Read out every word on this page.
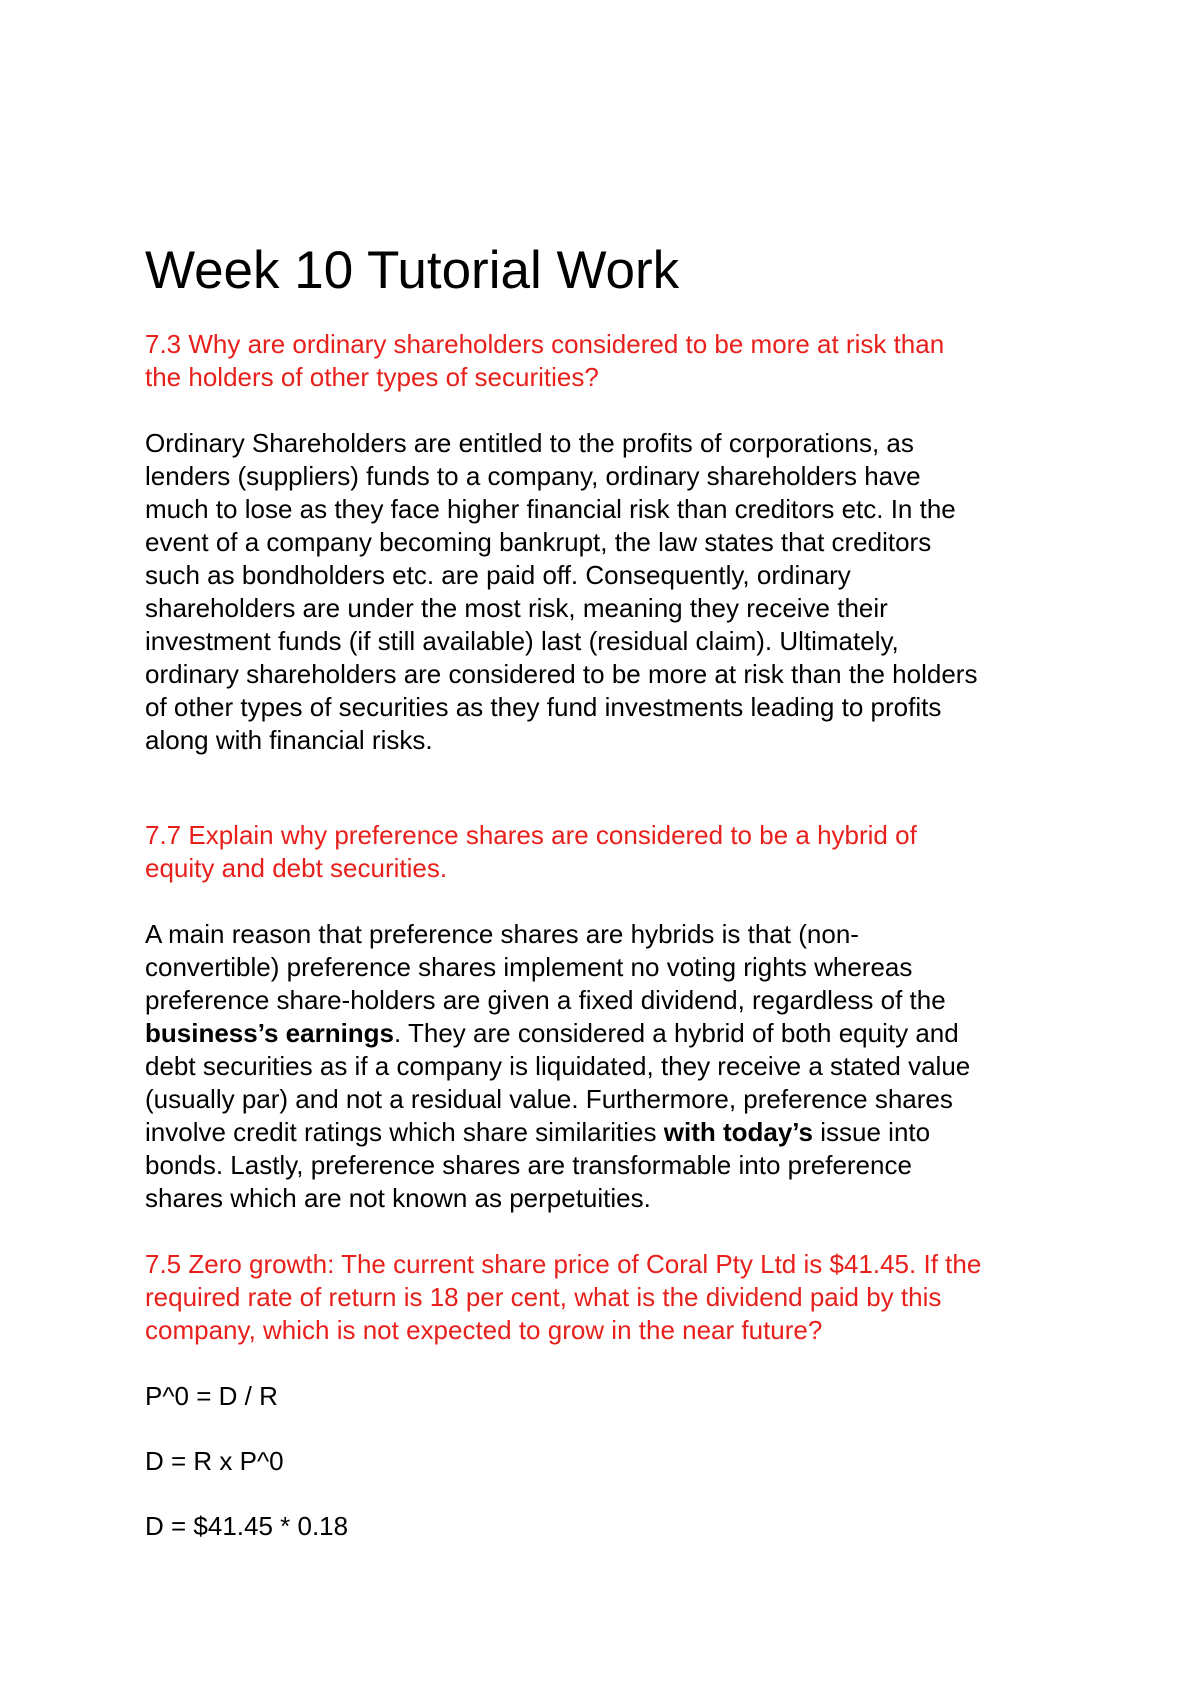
Week 10 Tutorial Work
7.3 Why are ordinary shareholders considered to be more at risk than
the holders of other types of securities?
Ordinary Shareholders are entitled to the profits of corporations, as
lenders (suppliers) funds to a company, ordinary shareholders have
much to lose as they face higher financial risk than creditors etc. In the
event of a company becoming bankrupt, the law states that creditors
such as bondholders etc. are paid off. Consequently, ordinary
shareholders are under the most risk, meaning they receive their
investment funds (if still available) last (residual claim). Ultimately,
ordinary shareholders are considered to be more at risk than the holders
of other types of securities as they fund investments leading to profits
along with financial risks.
7.7 Explain why preference shares are considered to be a hybrid of
equity and debt securities.
A main reason that preference shares are hybrids is that (non-
convertible) preference shares implement no voting rights whereas
preference share-holders are given a fixed dividend, regardless of the
business’s earnings. They are considered a hybrid of both equity and
debt securities as if a company is liquidated, they receive a stated value
(usually par) and not a residual value. Furthermore, preference shares
involve credit ratings which share similarities with today’s issue into
bonds. Lastly, preference shares are transformable into preference
shares which are not known as perpetuities.
7.5 Zero growth: The current share price of Coral Pty Ltd is $41.45. If the
required rate of return is 18 per cent, what is the dividend paid by this
company, which is not expected to grow in the near future?

P^0 = D / R

D = R x P^0

D = $41.45 * 0.18
